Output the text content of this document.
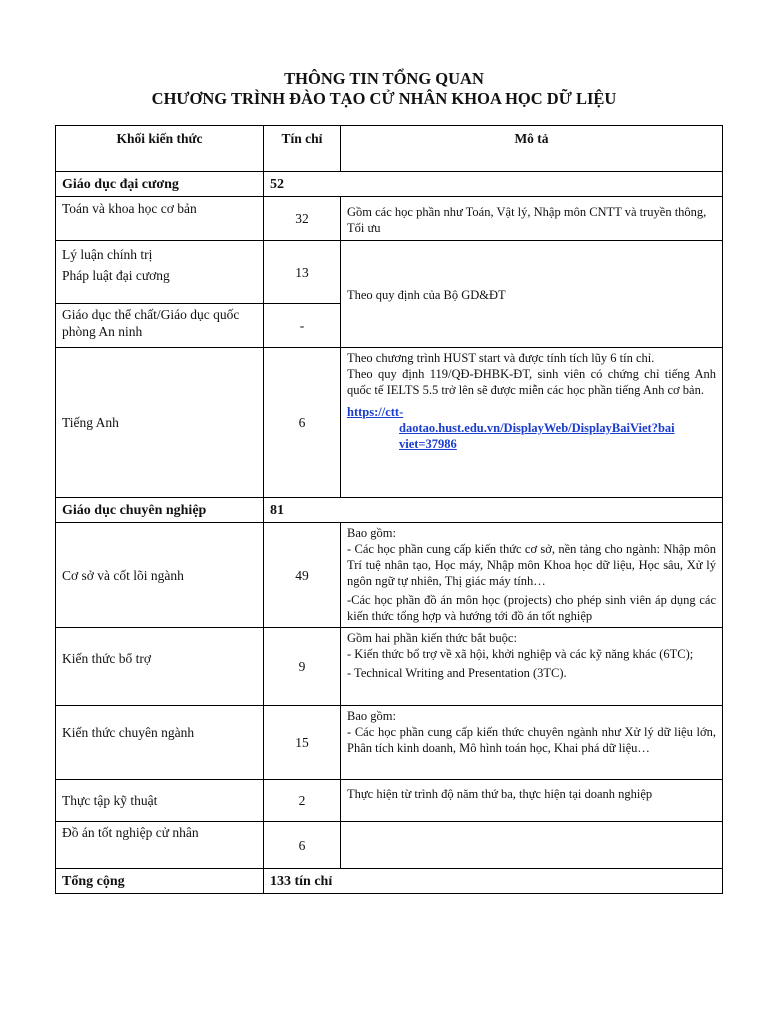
THÔNG TIN TỔNG QUAN
CHƯƠNG TRÌNH ĐÀO TẠO CỬ NHÂN KHOA HỌC DỮ LIỆU
Khối kiến thức	Tín chỉ	Mô tả
Giáo dục đại cương	52	
Toán và khoa học cơ bản	32	Gồm các học phần như Toán, Vật lý, Nhập môn CNTT và truyền thông, Tối ưu

Lý luận chính trị
Pháp luật đại cương	13	Theo quy định của Bộ GD&ĐT
Giáo dục thể chất/Giáo dục quốc phòng An ninh	-	
Tiếng Anh	6	Theo chương trình HUST start và được tính tích lũy 6 tín chỉ.

Theo quy định 119/QĐ-ĐHBK-ĐT, sinh viên có chứng chỉ tiếng Anh quốc tế IELTS 5.5 trở lên sẽ được miễn các học phần tiếng Anh cơ bản.

https://ctt-
daotao.hust.edu.vn/DisplayWeb/DisplayBaiViet?bai
viet=37986

Giáo dục chuyên nghiệp	81	
Cơ sở và cốt lõi ngành	49	Bao gồm:

- Các học phần cung cấp kiến thức cơ sở, nền tảng cho ngành: Nhập môn Trí tuệ nhân tạo, Học máy, Nhập môn Khoa học dữ liệu, Học sâu, Xử lý ngôn ngữ tự nhiên, Thị giác máy tính…

-Các học phần đồ án môn học (projects) cho phép sinh viên áp dụng các kiến thức tổng hợp và hướng tới đồ án tốt nghiệp

Kiến thức bổ trợ	9	Gồm hai phần kiến thức bắt buộc:

- Kiến thức bổ trợ về xã hội, khởi nghiệp và các kỹ năng khác (6TC);

- Technical Writing and Presentation (3TC).

Kiến thức chuyên ngành	15	Bao gồm:

- Các học phần cung cấp kiến thức chuyên ngành như Xử lý dữ liệu lớn, Phân tích kinh doanh, Mô hình toán học, Khai phá dữ liệu…

Thực tập kỹ thuật	2	Thực hiện từ trình độ năm thứ ba, thực hiện tại doanh nghiệp
Đồ án tốt nghiệp cử nhân	6	
Tổng cộng	133 tín chỉ	
